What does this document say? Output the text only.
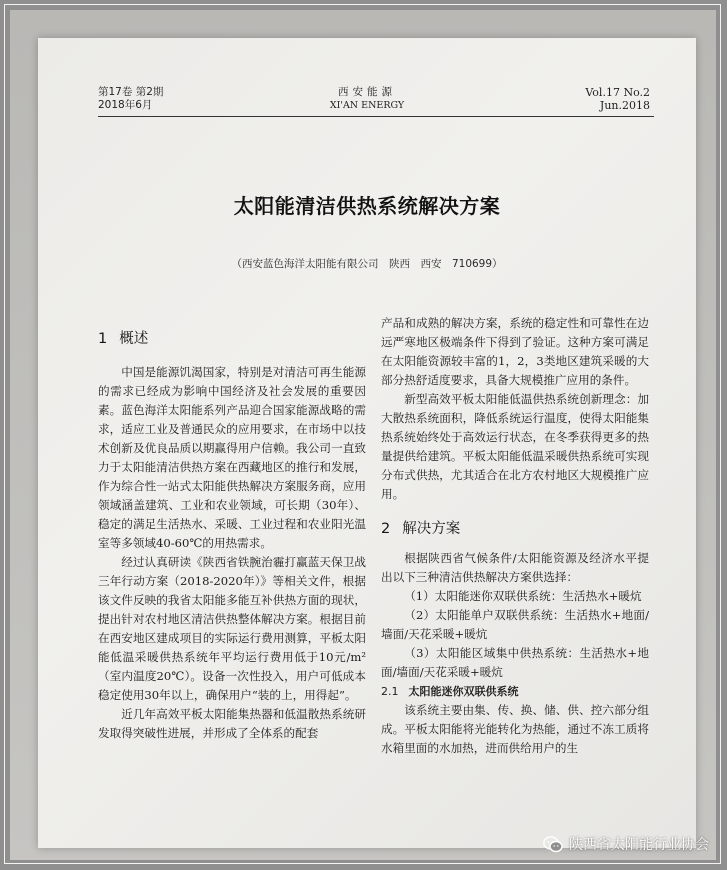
第17卷 第2期
2018年6月
西安能源
XI'AN ENERGY
Vol.17 No.2
Jun.2018
太阳能清洁供热系统解决方案
（西安蓝色海洋太阳能有限公司　陕西　西安　710699）
1 概述

中国是能源饥渴国家，特别是对清洁可再生能源的需求已经成为影响中国经济及社会发展的重要因素。蓝色海洋太阳能系列产品迎合国家能源战略的需求，适应工业及普通民众的应用要求，在市场中以技术创新及优良品质以期赢得用户信赖。我公司一直致力于太阳能清洁供热方案在西藏地区的推行和发展，作为综合性一站式太阳能供热解决方案服务商，应用领域涵盖建筑、工业和农业领域，可长期（30年）、稳定的满足生活热水、采暖、工业过程和农业阳光温室等多领域40-60℃的用热需求。

经过认真研读《陕西省铁腕治霾打赢蓝天保卫战三年行动方案（2018-2020年）》等相关文件，根据该文件反映的我省太阳能多能互补供热方面的现状，提出针对农村地区清洁供热整体解决方案。根据目前在西安地区建成项目的实际运行费用测算，平板太阳能低温采暖供热系统年平均运行费用低于10元/m²（室内温度20℃）。设备一次性投入，用户可低成本稳定使用30年以上，确保用户“装的上，用得起”。

近几年高效平板太阳能集热器和低温散热系统研发取得突破性进展，并形成了全体系的配套

产品和成熟的解决方案，系统的稳定性和可靠性在边远严寒地区极端条件下得到了验证。这种方案可满足在太阳能资源较丰富的1，2，3类地区建筑采暖的大部分热舒适度要求，具备大规模推广应用的条件。

新型高效平板太阳能低温供热系统创新理念：加大散热系统面积，降低系统运行温度，使得太阳能集热系统始终处于高效运行状态，在冬季获得更多的热量提供给建筑。平板太阳能低温采暖供热系统可实现分布式供热，尤其适合在北方农村地区大规模推广应用。

2 解决方案

根据陕西省气候条件/太阳能资源及经济水平提出以下三种清洁供热解决方案供选择：

（1）太阳能迷你双联供系统：生活热水+暖炕

（2）太阳能单户双联供系统：生活热水+地面/墙面/天花采暖+暖炕

（3）太阳能区域集中供热系统：生活热水+地面/墙面/天花采暖+暖炕

2.1 太阳能迷你双联供系统

该系统主要由集、传、换、储、供、控六部分组成。平板太阳能将光能转化为热能，通过不冻工质将水箱里面的水加热，进而供给用户的生

陕西省太阳能行业协会
